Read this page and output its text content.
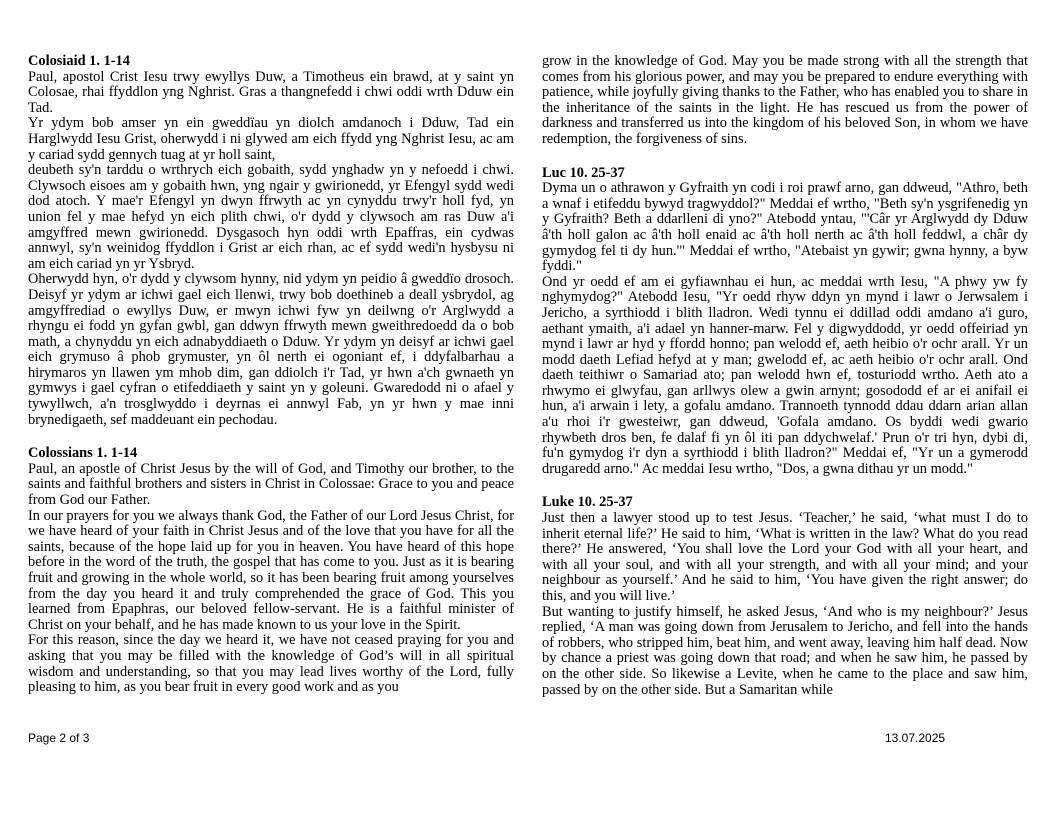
Colosiaid 1. 1-14

Paul, apostol Crist Iesu trwy ewyllys Duw, a Timotheus ein brawd, at y saint yn Colosae, rhai ffyddlon yng Nghrist. Gras a thangnefedd i chwi oddi wrth Dduw ein Tad.

Yr ydym bob amser yn ein gweddïau yn diolch amdanoch i Dduw, Tad ein Harglwydd Iesu Grist, oherwydd i ni glywed am eich ffydd yng Nghrist Iesu, ac am y cariad sydd gennych tuag at yr holl saint,

deubeth sy'n tarddu o wrthrych eich gobaith, sydd ynghadw yn y nefoedd i chwi. Clywsoch eisoes am y gobaith hwn, yng ngair y gwirionedd, yr Efengyl sydd wedi dod atoch. Y mae'r Efengyl yn dwyn ffrwyth ac yn cynyddu trwy'r holl fyd, yn union fel y mae hefyd yn eich plith chwi, o'r dydd y clywsoch am ras Duw a'i amgyffred mewn gwirionedd. Dysgasoch hyn oddi wrth Epaffras, ein cydwas annwyl, sy'n weinidog ffyddlon i Grist ar eich rhan, ac ef sydd wedi'n hysbysu ni am eich cariad yn yr Ysbryd.

Oherwydd hyn, o'r dydd y clywsom hynny, nid ydym yn peidio â gweddïo drosoch. Deisyf yr ydym ar ichwi gael eich llenwi, trwy bob doethineb a deall ysbrydol, ag amgyffrediad o ewyllys Duw, er mwyn ichwi fyw yn deilwng o'r Arglwydd a rhyngu ei fodd yn gyfan gwbl, gan ddwyn ffrwyth mewn gweithredoedd da o bob math, a chynyddu yn eich adnabyddiaeth o Dduw. Yr ydym yn deisyf ar ichwi gael eich grymuso â phob grymuster, yn ôl nerth ei ogoniant ef, i ddyfalbarhau a hirymaros yn llawen ym mhob dim, gan ddiolch i'r Tad, yr hwn a'ch gwnaeth yn gymwys i gael cyfran o etifeddiaeth y saint yn y goleuni. Gwaredodd ni o afael y tywyllwch, a'n trosglwyddo i deyrnas ei annwyl Fab, yn yr hwn y mae inni brynedigaeth, sef maddeuant ein pechodau.

Colossians 1. 1-14

Paul, an apostle of Christ Jesus by the will of God, and Timothy our brother, to the saints and faithful brothers and sisters in Christ in Colossae: Grace to you and peace from God our Father.

In our prayers for you we always thank God, the Father of our Lord Jesus Christ, for we have heard of your faith in Christ Jesus and of the love that you have for all the saints, because of the hope laid up for you in heaven. You have heard of this hope before in the word of the truth, the gospel that has come to you. Just as it is bearing fruit and growing in the whole world, so it has been bearing fruit among yourselves from the day you heard it and truly comprehended the grace of God. This you learned from Epaphras, our beloved fellow-servant. He is a faithful minister of Christ on your behalf, and he has made known to us your love in the Spirit.

For this reason, since the day we heard it, we have not ceased praying for you and asking that you may be filled with the knowledge of God’s will in all spiritual wisdom and understanding, so that you may lead lives worthy of the Lord, fully pleasing to him, as you bear fruit in every good work and as you

grow in the knowledge of God. May you be made strong with all the strength that comes from his glorious power, and may you be prepared to endure everything with patience, while joyfully giving thanks to the Father, who has enabled you to share in the inheritance of the saints in the light. He has rescued us from the power of darkness and transferred us into the kingdom of his beloved Son, in whom we have redemption, the forgiveness of sins.

Luc 10. 25-37

Dyma un o athrawon y Gyfraith yn codi i roi prawf arno, gan ddweud, "Athro, beth a wnaf i etifeddu bywyd tragwyddol?" Meddai ef wrtho, "Beth sy'n ysgrifenedig yn y Gyfraith? Beth a ddarlleni di yno?" Atebodd yntau, "'Câr yr Arglwydd dy Dduw â'th holl galon ac â'th holl enaid ac â'th holl nerth ac â'th holl feddwl, a châr dy gymydog fel ti dy hun.'" Meddai ef wrtho, "Atebaist yn gywir; gwna hynny, a byw fyddi."

Ond yr oedd ef am ei gyfiawnhau ei hun, ac meddai wrth Iesu, "A phwy yw fy nghymydog?" Atebodd Iesu, "Yr oedd rhyw ddyn yn mynd i lawr o Jerwsalem i Jericho, a syrthiodd i blith lladron. Wedi tynnu ei ddillad oddi amdano a'i guro, aethant ymaith, a'i adael yn hanner-marw. Fel y digwyddodd, yr oedd offeiriad yn mynd i lawr ar hyd y ffordd honno; pan welodd ef, aeth heibio o'r ochr arall. Yr un modd daeth Lefiad hefyd at y man; gwelodd ef, ac aeth heibio o'r ochr arall. Ond daeth teithiwr o Samariad ato; pan welodd hwn ef, tosturiodd wrtho. Aeth ato a rhwymo ei glwyfau, gan arllwys olew a gwin arnynt; gosododd ef ar ei anifail ei hun, a'i arwain i lety, a gofalu amdano. Trannoeth tynnodd ddau ddarn arian allan a'u rhoi i'r gwesteiwr, gan ddweud, 'Gofala amdano. Os byddi wedi gwario rhywbeth dros ben, fe dalaf fi yn ôl iti pan ddychwelaf.' Prun o'r tri hyn, dybi di, fu'n gymydog i'r dyn a syrthiodd i blith lladron?" Meddai ef, "Yr un a gymerodd drugaredd arno." Ac meddai Iesu wrtho, "Dos, a gwna dithau yr un modd."

Luke 10. 25-37

Just then a lawyer stood up to test Jesus. ‘Teacher,’ he said, ‘what must I do to inherit eternal life?’ He said to him, ‘What is written in the law? What do you read there?’ He answered, ‘You shall love the Lord your God with all your heart, and with all your soul, and with all your strength, and with all your mind; and your neighbour as yourself.’ And he said to him, ‘You have given the right answer; do this, and you will live.’

But wanting to justify himself, he asked Jesus, ‘And who is my neighbour?’ Jesus replied, ‘A man was going down from Jerusalem to Jericho, and fell into the hands of robbers, who stripped him, beat him, and went away, leaving him half dead. Now by chance a priest was going down that road; and when he saw him, he passed by on the other side. So likewise a Levite, when he came to the place and saw him, passed by on the other side. But a Samaritan while

Page 2 of 3	13.07.2025
